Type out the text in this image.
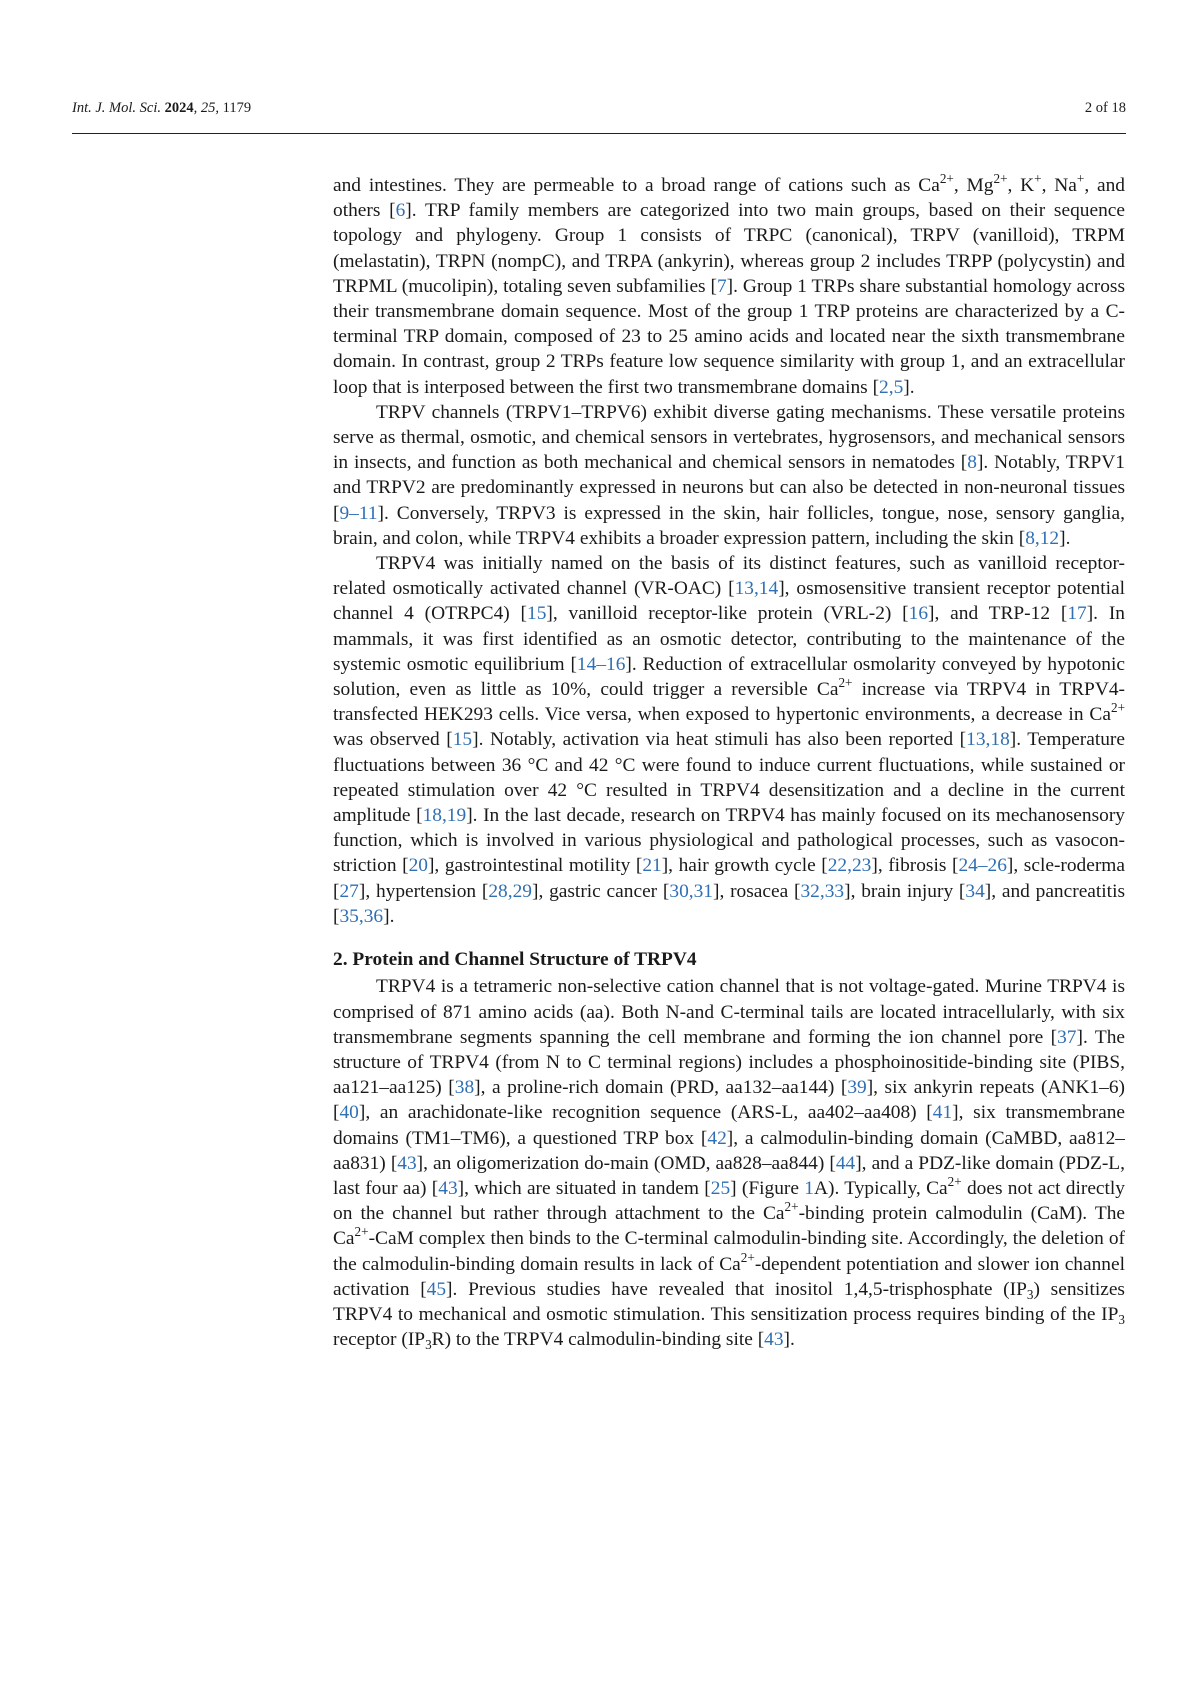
Int. J. Mol. Sci. 2024, 25, 1179	2 of 18

and intestines. They are permeable to a broad range of cations such as $Ca^{2+}$, $Mg^{2+}$, K+, Na+, and others [6]. TRP family members are categorized into two main groups, based on their sequence topology and phylogeny. Group 1 consists of TRPC (canonical), TRPV (vanilloid), TRPM (melastatin), TRPN (nompC), and TRPA (ankyrin), whereas group 2 includes TRPP (polycystin) and TRPML (mucolipin), totaling seven subfamilies [7]. Group 1 TRPs share substantial homology across their transmembrane domain sequence. Most of the group 1 TRP proteins are characterized by a C-terminal TRP domain, composed of 23 to 25 amino acids and located near the sixth transmembrane domain. In contrast, group 2 TRPs feature low sequence similarity with group 1, and an extracellular loop that is interposed between the first two transmembrane domains [2,5].

TRPV channels (TRPV1–TRPV6) exhibit diverse gating mechanisms. These versatile proteins serve as thermal, osmotic, and chemical sensors in vertebrates, hygrosensors, and mechanical sensors in insects, and function as both mechanical and chemical sensors in nematodes [8]. Notably, TRPV1 and TRPV2 are predominantly expressed in neurons but can also be detected in non-neuronal tissues [9–11]. Conversely, TRPV3 is expressed in the skin, hair follicles, tongue, nose, sensory ganglia, brain, and colon, while TRPV4 exhibits a broader expression pattern, including the skin [8,12].

TRPV4 was initially named on the basis of its distinct features, such as vanilloid receptor-related osmotically activated channel (VR-OAC) [13,14], osmosensitive transient receptor potential channel 4 (OTRPC4) [15], vanilloid receptor-like protein (VRL-2) [16], and TRP-12 [17]. In mammals, it was first identified as an osmotic detector, contributing to the maintenance of the systemic osmotic equilibrium [14–16]. Reduction of extracellular osmolarity conveyed by hypotonic solution, even as little as 10%, could trigger a reversible $Ca^{2+}$ increase via TRPV4 in TRPV4-transfected HEK293 cells. Vice versa, when exposed to hypertonic environments, a decrease in $Ca^{2+}$ was observed [15]. Notably, activation via heat stimuli has also been reported [13,18]. Temperature fluctuations between 36 °C and 42 °C were found to induce current fluctuations, while sustained or repeated stimulation over 42 °C resulted in TRPV4 desensitization and a decline in the current amplitude [18,19]. In the last decade, research on TRPV4 has mainly focused on its mechanosensory function, which is involved in various physiological and pathological processes, such as vasocon-striction [20], gastrointestinal motility [21], hair growth cycle [22,23], fibrosis [24–26], scle-roderma [27], hypertension [28,29], gastric cancer [30,31], rosacea [32,33], brain injury [34], and pancreatitis [35,36].

2. Protein and Channel Structure of TRPV4

TRPV4 is a tetrameric non-selective cation channel that is not voltage-gated. Murine TRPV4 is comprised of 871 amino acids (aa). Both N-and C-terminal tails are located intracellularly, with six transmembrane segments spanning the cell membrane and forming the ion channel pore [37]. The structure of TRPV4 (from N to C terminal regions) includes a phosphoinositide-binding site (PIBS, aa121–aa125) [38], a proline-rich domain (PRD, aa132–aa144) [39], six ankyrin repeats (ANK1–6) [40], an arachidonate-like recognition sequence (ARS-L, aa402–aa408) [41], six transmembrane domains (TM1–TM6), a questioned TRP box [42], a calmodulin-binding domain (CaMBD, aa812–aa831) [43], an oligomerization do-main (OMD, aa828–aa844) [44], and a PDZ-like domain (PDZ-L, last four aa) [43], which are situated in tandem [25] (Figure 1A). Typically, $Ca^{2+}$ does not act directly on the channel but rather through attachment to the $Ca^{2+}$-binding protein calmodulin (CaM). The $Ca^{2+}$-CaM complex then binds to the C-terminal calmodulin-binding site. Accordingly, the deletion of the calmodulin-binding domain results in lack of $Ca^{2+}$-dependent potentiation and slower ion channel activation [45]. Previous studies have revealed that inositol 1,4,5-trisphosphate $(IP_3)$ sensitizes TRPV4 to mechanical and osmotic stimulation. This sensitization process requires binding of the $IP_3$ receptor $(IP_3R)$ to the TRPV4 calmodulin-binding site [43].
